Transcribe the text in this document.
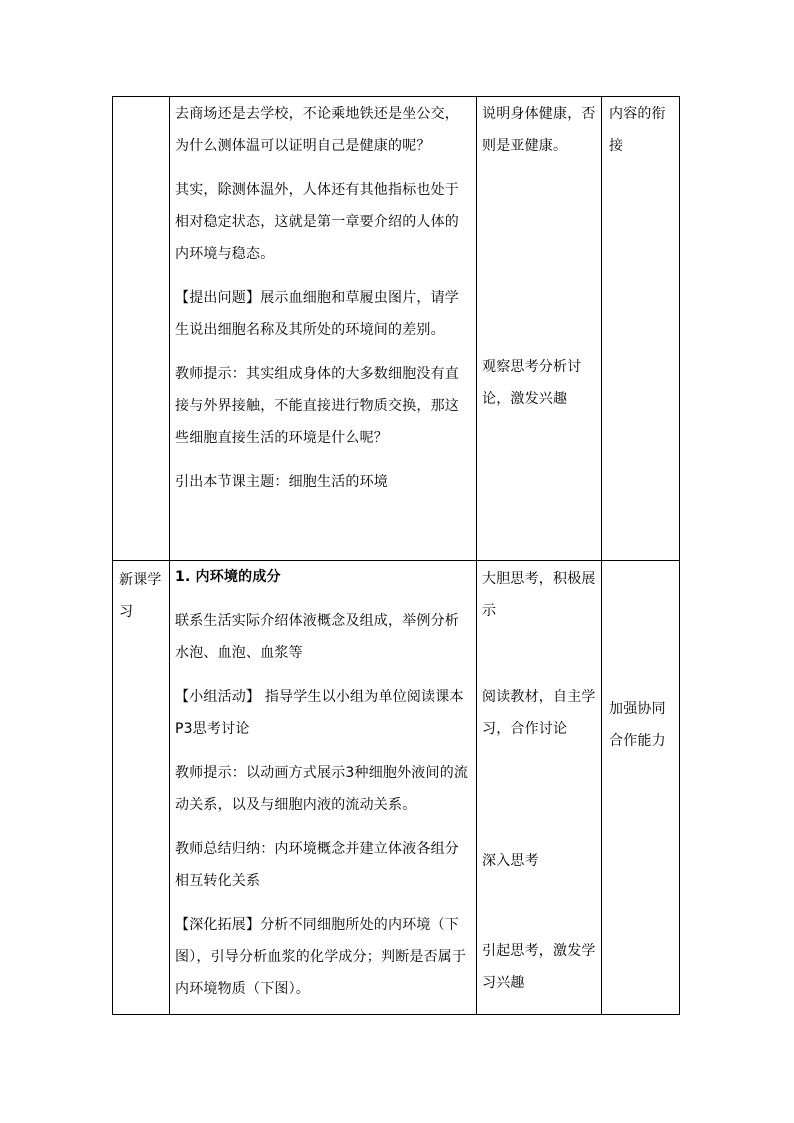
去商场还是去学校，不论乘地铁还是坐公交，为什么测体温可以证明自己是健康的呢？

其实，除测体温外，人体还有其他指标也处于相对稳定状态，这就是第一章要介绍的人体的内环境与稳态。

【提出问题】展示血细胞和草履虫图片，请学生说出细胞名称及其所处的环境间的差别。

教师提示：其实组成身体的大多数细胞没有直接与外界接触，不能直接进行物质交换，那这些细胞直接生活的环境是什么呢？

引出本节课主题：细胞生活的环境

说明身体健康，否则是亚健康。
观察思考分析讨论，激发兴趣
内容的衔接
新课学习

1. 内环境的成分

联系生活实际介绍体液概念及组成，举例分析水泡、血泡、血浆等

【小组活动】 指导学生以小组为单位阅读课本P3思考讨论

教师提示：以动画方式展示3种细胞外液间的流动关系，以及与细胞内液的流动关系。

教师总结归纳：内环境概念并建立体液各组分相互转化关系

【深化拓展】分析不同细胞所处的内环境（下图），引导分析血浆的化学成分；判断是否属于内环境物质（下图）。

大胆思考，积极展示
阅读教材，自主学习，合作讨论
深入思考
引起思考，激发学习兴趣
加强协同合作能力
